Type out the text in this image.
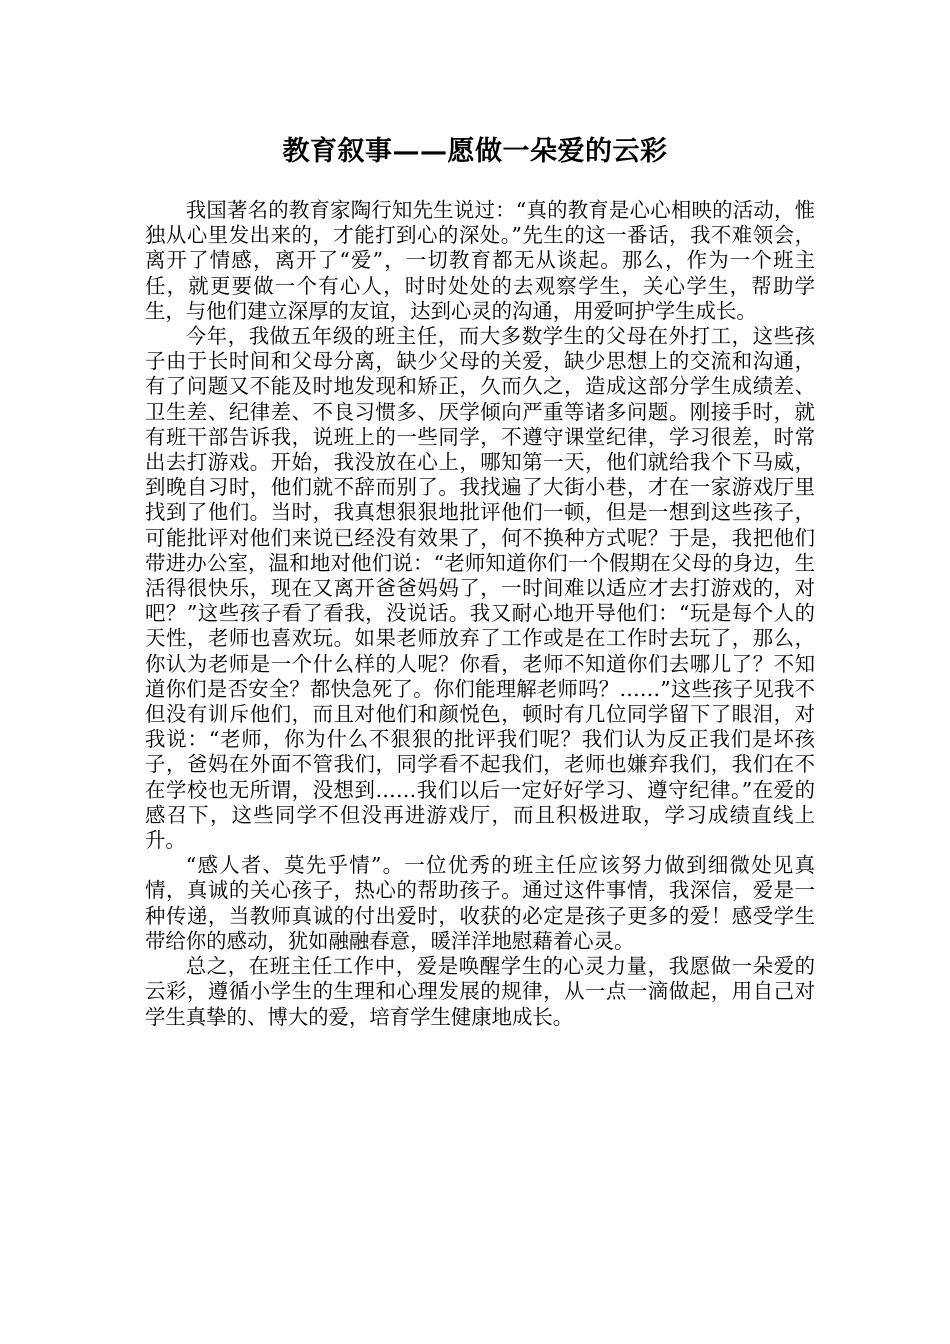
教育叙事——愿做一朵爱的云彩

我国著名的教育家陶行知先生说过：“真的教育是心心相映的活动，惟独从心里发出来的，才能打到心的深处。”先生的这一番话，我不难领会，离开了情感，离开了“爱”，一切教育都无从谈起。那么，作为一个班主任，就更要做一个有心人，时时处处的去观察学生，关心学生，帮助学生，与他们建立深厚的友谊，达到心灵的沟通，用爱呵护学生成长。

今年，我做五年级的班主任，而大多数学生的父母在外打工，这些孩子由于长时间和父母分离，缺少父母的关爱，缺少思想上的交流和沟通，有了问题又不能及时地发现和矫正，久而久之，造成这部分学生成绩差、卫生差、纪律差、不良习惯多、厌学倾向严重等诸多问题。刚接手时，就有班干部告诉我，说班上的一些同学，不遵守课堂纪律，学习很差，时常出去打游戏。开始，我没放在心上，哪知第一天，他们就给我个下马威，到晚自习时，他们就不辞而别了。我找遍了大街小巷，才在一家游戏厅里找到了他们。当时，我真想狠狠地批评他们一顿，但是一想到这些孩子，可能批评对他们来说已经没有效果了，何不换种方式呢？于是，我把他们带进办公室，温和地对他们说：“老师知道你们一个假期在父母的身边，生活得很快乐，现在又离开爸爸妈妈了，一时间难以适应才去打游戏的，对吧？”这些孩子看了看我，没说话。我又耐心地开导他们：“玩是每个人的天性，老师也喜欢玩。如果老师放弃了工作或是在工作时去玩了，那么，你认为老师是一个什么样的人呢？你看，老师不知道你们去哪儿了？不知道你们是否安全？都快急死了。你们能理解老师吗？……”这些孩子见我不但没有训斥他们，而且对他们和颜悦色，顿时有几位同学留下了眼泪，对我说：“老师，你为什么不狠狠的批评我们呢？我们认为反正我们是坏孩子，爸妈在外面不管我们，同学看不起我们，老师也嫌弃我们，我们在不在学校也无所谓，没想到……我们以后一定好好学习、遵守纪律。”在爱的感召下，这些同学不但没再进游戏厅，而且积极进取，学习成绩直线上升。

“感人者、莫先乎情”。一位优秀的班主任应该努力做到细微处见真情，真诚的关心孩子，热心的帮助孩子。通过这件事情，我深信，爱是一种传递，当教师真诚的付出爱时，收获的必定是孩子更多的爱！感受学生带给你的感动，犹如融融春意，暖洋洋地慰藉着心灵。

总之，在班主任工作中，爱是唤醒学生的心灵力量，我愿做一朵爱的云彩，遵循小学生的生理和心理发展的规律，从一点一滴做起，用自己对学生真挚的、博大的爱，培育学生健康地成长。
